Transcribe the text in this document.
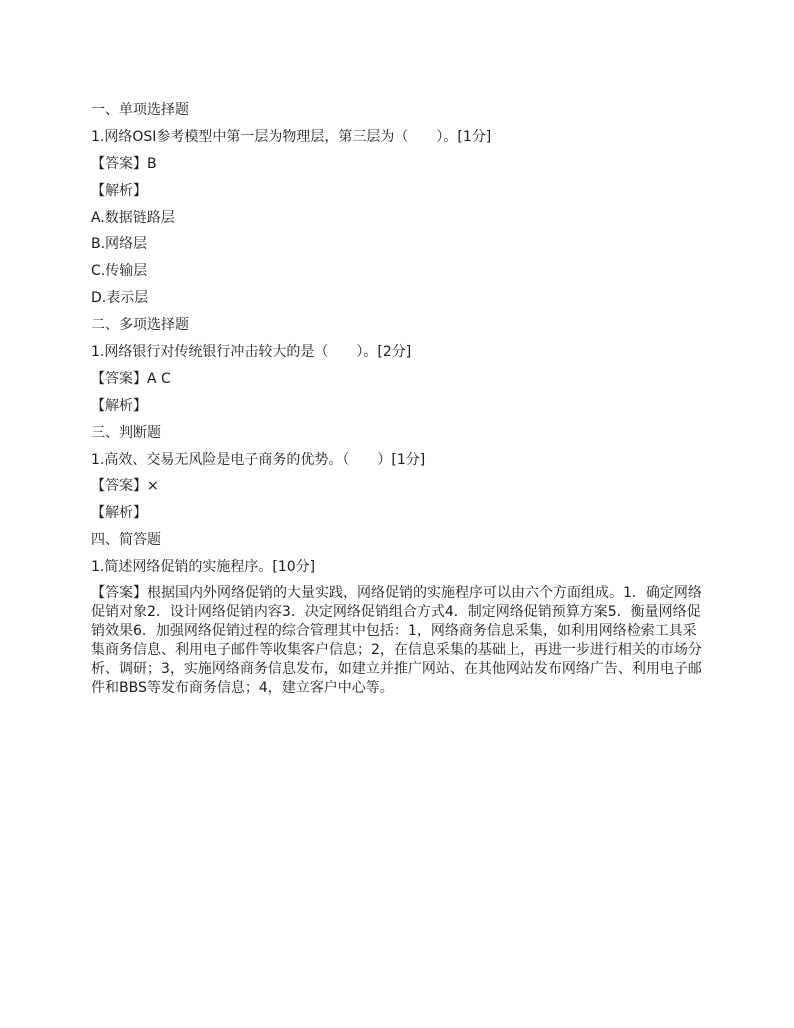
一、单项选择题
1.网络OSI参考模型中第一层为物理层，第三层为（　　）。[1分]
【答案】B
【解析】
A.数据链路层
B.网络层
C.传输层
D.表示层
二、多项选择题
1.网络银行对传统银行冲击较大的是（　　）。[2分]
【答案】A C
【解析】
三、判断题
1.高效、交易无风险是电子商务的优势。（　　）[1分]
【答案】×
【解析】
四、简答题
1.简述网络促销的实施程序。[10分]
【答案】根据国内外网络促销的大量实践，网络促销的实施程序可以由六个方面组成。1．确定网络促销对象2．设计网络促销内容3．决定网络促销组合方式4．制定网络促销预算方案5．衡量网络促销效果6．加强网络促销过程的综合管理其中包括：1，网络商务信息采集，如利用网络检索工具采集商务信息、利用电子邮件等收集客户信息；2，在信息采集的基础上，再进一步进行相关的市场分析、调研；3，实施网络商务信息发布，如建立并推广网站、在其他网站发布网络广告、利用电子邮件和BBS等发布商务信息；4，建立客户中心等。
